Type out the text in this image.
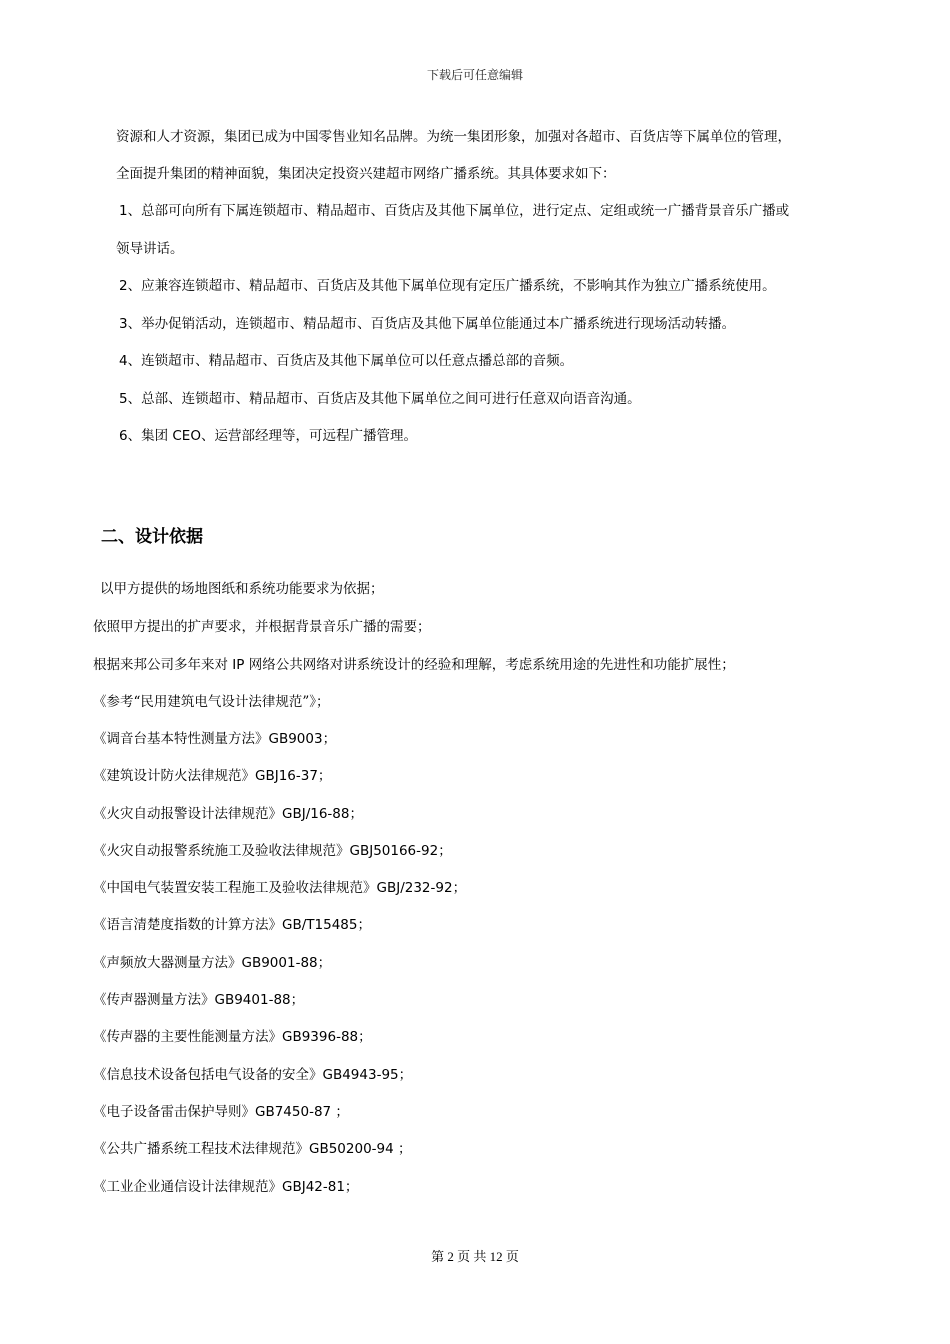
下载后可任意编辑
资源和人才资源，集团已成为中国零售业知名品牌。为统一集团形象，加强对各超市、百货店等下属单位的管理，
全面提升集团的精神面貌，集团决定投资兴建超市网络广播系统。其具体要求如下：
1、总部可向所有下属连锁超市、精品超市、百货店及其他下属单位，进行定点、定组或统一广播背景音乐广播或
领导讲话。
2、应兼容连锁超市、精品超市、百货店及其他下属单位现有定压广播系统，不影响其作为独立广播系统使用。
3、举办促销活动，连锁超市、精品超市、百货店及其他下属单位能通过本广播系统进行现场活动转播。
4、连锁超市、精品超市、百货店及其他下属单位可以任意点播总部的音频。
5、总部、连锁超市、精品超市、百货店及其他下属单位之间可进行任意双向语音沟通。
6、集团 CEO、运营部经理等，可远程广播管理。
二、设计依据
以甲方提供的场地图纸和系统功能要求为依据；
依照甲方提出的扩声要求，并根据背景音乐广播的需要；
根据来邦公司多年来对 IP 网络公共网络对讲系统设计的经验和理解，考虑系统用途的先进性和功能扩展性；
《参考“民用建筑电气设计法律规范”》；
《调音台基本特性测量方法》GB9003；
《建筑设计防火法律规范》GBJ16-37；
《火灾自动报警设计法律规范》GBJ/16-88；
《火灾自动报警系统施工及验收法律规范》GBJ50166-92；
《中国电气装置安装工程施工及验收法律规范》GBJ/232-92；
《语言清楚度指数的计算方法》GB/T15485；
《声频放大器测量方法》GB9001-88；
《传声器测量方法》GB9401-88；
《传声器的主要性能测量方法》GB9396-88；
《信息技术设备包括电气设备的安全》GB4943-95；
《电子设备雷击保护导则》GB7450-87 ；
《公共广播系统工程技术法律规范》GB50200-94 ；
《工业企业通信设计法律规范》GBJ42-81；
第 2 页 共 12 页
